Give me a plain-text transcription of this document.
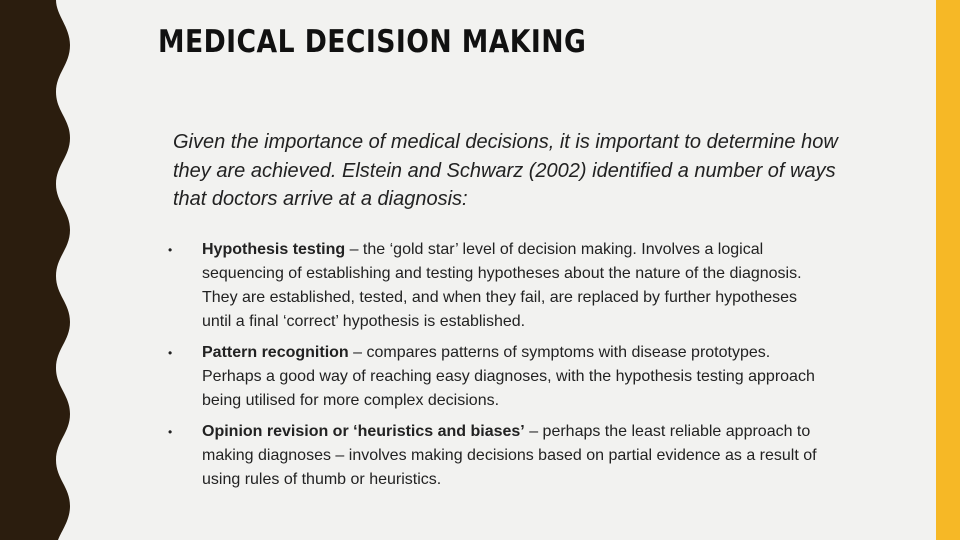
MEDICAL DECISION MAKING

Given the importance of medical decisions, it is important to determine how they are achieved. Elstein and Schwarz (2002) identified a number of ways that doctors arrive at a diagnosis:

• Hypothesis testing – the ‘gold star’ level of decision making. Involves a logical sequencing of establishing and testing hypotheses about the nature of the diagnosis. They are established, tested, and when they fail, are replaced by further hypotheses until a final ‘correct’ hypothesis is established.
• Pattern recognition – compares patterns of symptoms with disease prototypes. Perhaps a good way of reaching easy diagnoses, with the hypothesis testing approach being utilised for more complex decisions.
• Opinion revision or ‘heuristics and biases’ – perhaps the least reliable approach to making diagnoses – involves making decisions based on partial evidence as a result of using rules of thumb or heuristics.
